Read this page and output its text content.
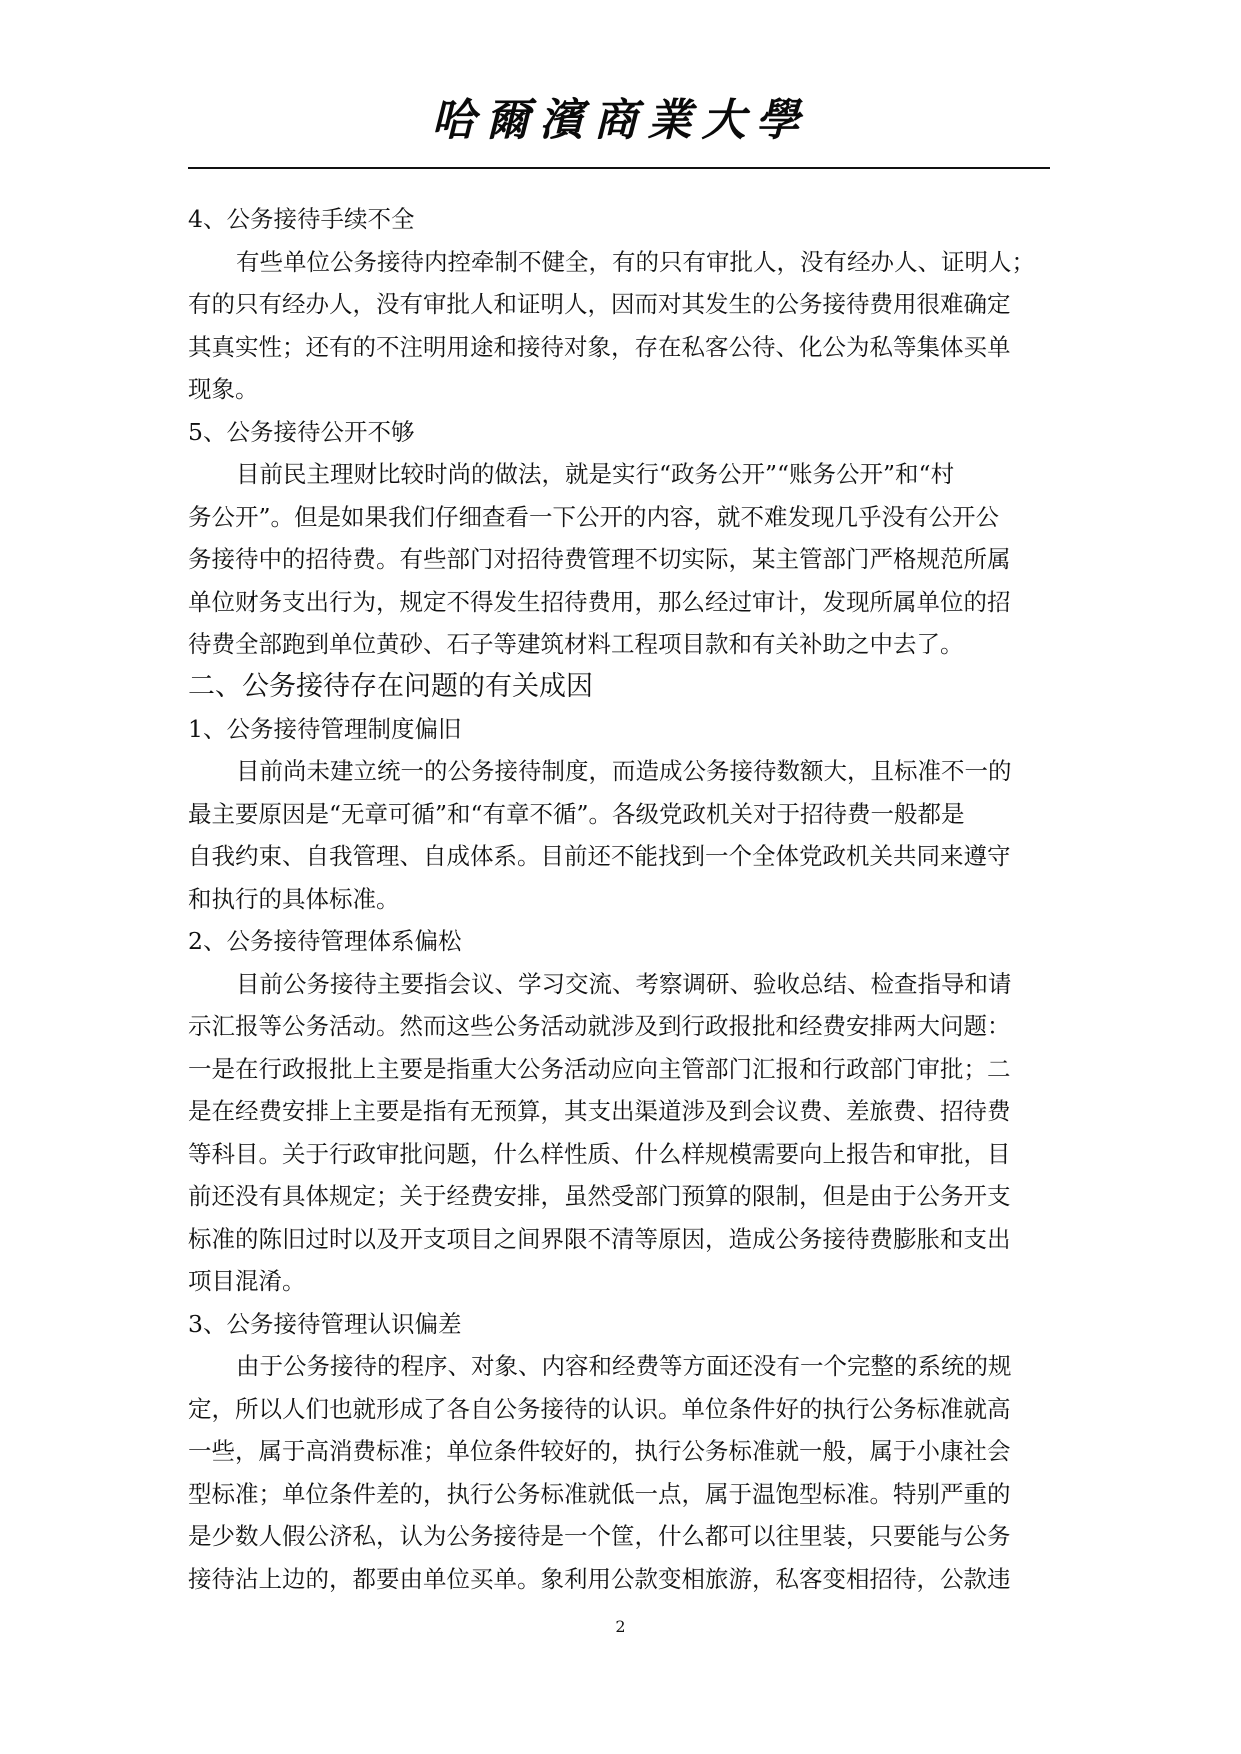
哈爾濱商業大學
4、公务接待手续不全
有些单位公务接待内控牵制不健全，有的只有审批人，没有经办人、证明人；
有的只有经办人，没有审批人和证明人，因而对其发生的公务接待费用很难确定
其真实性；还有的不注明用途和接待对象，存在私客公待、化公为私等集体买单
现象。
5、公务接待公开不够
目前民主理财比较时尚的做法，就是实行“政务公开”“账务公开”和“村
务公开”。但是如果我们仔细查看一下公开的内容，就不难发现几乎没有公开公
务接待中的招待费。有些部门对招待费管理不切实际，某主管部门严格规范所属
单位财务支出行为，规定不得发生招待费用，那么经过审计，发现所属单位的招
待费全部跑到单位黄砂、石子等建筑材料工程项目款和有关补助之中去了。
二、公务接待存在问题的有关成因
1、公务接待管理制度偏旧
目前尚未建立统一的公务接待制度，而造成公务接待数额大，且标准不一的
最主要原因是“无章可循”和“有章不循”。各级党政机关对于招待费一般都是
自我约束、自我管理、自成体系。目前还不能找到一个全体党政机关共同来遵守
和执行的具体标准。
2、公务接待管理体系偏松
目前公务接待主要指会议、学习交流、考察调研、验收总结、检查指导和请
示汇报等公务活动。然而这些公务活动就涉及到行政报批和经费安排两大问题：
一是在行政报批上主要是指重大公务活动应向主管部门汇报和行政部门审批；二
是在经费安排上主要是指有无预算，其支出渠道涉及到会议费、差旅费、招待费
等科目。关于行政审批问题，什么样性质、什么样规模需要向上报告和审批，目
前还没有具体规定；关于经费安排，虽然受部门预算的限制，但是由于公务开支
标准的陈旧过时以及开支项目之间界限不清等原因，造成公务接待费膨胀和支出
项目混淆。
3、公务接待管理认识偏差
由于公务接待的程序、对象、内容和经费等方面还没有一个完整的系统的规
定，所以人们也就形成了各自公务接待的认识。单位条件好的执行公务标准就高
一些，属于高消费标准；单位条件较好的，执行公务标准就一般，属于小康社会
型标准；单位条件差的，执行公务标准就低一点，属于温饱型标准。特别严重的
是少数人假公济私，认为公务接待是一个筐，什么都可以往里装，只要能与公务
接待沾上边的，都要由单位买单。象利用公款变相旅游，私客变相招待，公款违
2
